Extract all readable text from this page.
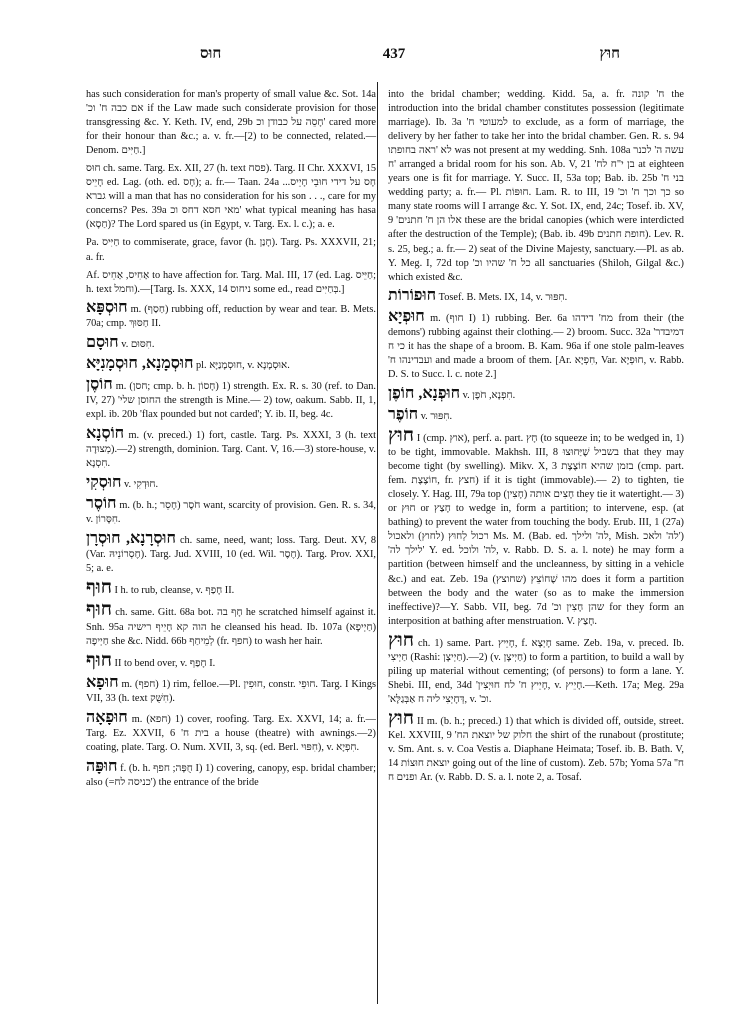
חוּס	437	חוּץ
has such consideration for man's property of small value &c. Sot. 14a 'אם כבה ח' וכ if the Law made such considerate provision for those transgressing &c. Y. Keth. IV, end, 29b חָסֵה על כבודן וכ' cared more for their honour than &c.; a. v. fr.—[2) to be connected, related.—Denom. חַיִּים.]
חוּס ch. same. Targ. Ex. XII, 27 (h. text פסח). Targ. II Chr. XXXVI, 15 חָיֵיס ed. Lag. (oth. ed. חָס); a. fr.— Taan. 24a ...חָס על דידי חוּבֵי חָיֵיס גברא will a man that has no consideration for his son . . ., care for my concerns? Pes. 39a מאי חסא דחס וכ' what typical meaning has hasa (חַסָא)? The Lord spared us (in Egypt, v. Targ. Ex. l. c.); a. e.
Pa. חַיִּיס to commiserate, grace, favor (h. חָנַן). Targ. Ps. XXXVII, 21; a. fr.
Af. אַחִיס, אַחֵיס to have affection for. Targ. Mal. III, 17 (ed. Lag. חַיֵּיס; h. text וחמל).—[Targ. Is. XXX, 14 ניחוס some ed., read בְּחַיִּים.]
חוּסְפָּא m. (חַסַף) rubbing off, reduction by wear and tear. B. Mets. 70a; cmp. חַסּוּךְ II.
חוּסָם v. חִסּוּם.
חוּסְמָנָא, חוּסְמָנִיָּא pl. חוּסְמָנַיָּא, v. אוּסְמָנָא.
חוֹסֶן m. (חסן; cmp. b. h. חָסוֹן) 1) strength. Ex. R. s. 30 (ref. to Dan. IV, 27) 'החוסן שלי the strength is Mine.— 2) tow, oakum. Sabb. II, 1, expl. ib. 20b 'flax pounded but not carded'; Y. ib. II, beg. 4c.
חוֹסְנָא m. (v. preced.) 1) fort, castle. Targ. Ps. XXXI, 3 (h. text מְצוּדָה).—2) strength, dominion. Targ. Cant. V, 16.—3) store-house, v. חִסְנָא.
חוּסְקִי v. חוּדְקִי.
חוֹסֶר m. (b. h.; חָסֵר) חֹסֶר want, scarcity of provision. Gen. R. s. 34, v. חִסָּרוֹן.
חוּסְרָנָא, חוּסְרָן ch. same, need, want; loss. Targ. Deut. XV, 8 (Var. חֶסְרוֹנֵיהּ). Targ. Jud. XVIII, 10 (ed. Wil. חֶסֶר). Targ. Prov. XXI, 5; a. e.
חוּף I h. to rub, cleanse, v. חָפַף II.
חוּף ch. same. Gitt. 68a bot. חָף בה he scratched himself against it. Snh. 95a הוה קא חָיֵיף רישיה he cleansed his head. Ib. 107a (חַיְיפָא) חַיְיפָה she &c. Nidd. 66b לְמֵיחַף (fr. חפף) to wash her hair.
חוּף II to bend over, v. חָפַף I.
חוּפָא m. (חפף) 1) rim, felloe.—Pl. חוּפִין, constr. חוּפֵי. Targ. I Kings VII, 33 (h. text חִשֻּׁק).
חוּפָאָה m. (חפא) 1) cover, roofing. Targ. Ex. XXVI, 14; a. fr.—Targ. Ez. XXVII, 6 'בית ח a house (theatre) with awnings.—2) coating, plate. Targ. O. Num. XVII, 3, sq. (ed. Berl. חִפּוּי), v. חִפְיָא.
חוּפָּה f. (b. h. חֻפָּה; חפף I) 1) covering, canopy, esp. bridal chamber; also (=כניסה לח') the entrance of the bride
into the bridal chamber; wedding. Kidd. 5a, a. fr. ח' קונה the introduction into the bridal chamber constitutes possession (legitimate marriage). Ib. 3a 'למעוטי ח to exclude, as a form of marriage, the delivery by her father to take her into the bridal chamber. Gen. R. s. 94 לא 'ראה בחופתו was not present at my wedding. Snh. 108a עשה ה' לכנר ח' arranged a bridal room for his son. Ab. V, 21 'בן י"ח לח at eighteen years one is fit for marriage. Y. Succ. II, 53a top; Bab. ib. 25b 'בני ח wedding party; a. fr.— Pl. חוּפּוֹת. Lam. R. to III, 19 'כך וכך ח' וכ so many state rooms will I arrange &c. Y. Sot. IX, end, 24c; Tosef. ib. XV, 9 'אלו הן ח' חתנים these are the bridal canopies (which were interdicted after the destruction of the Temple); (Bab. ib. 49b חופת חתנים). Lev. R. s. 25, beg.; a. fr.— 2) seat of the Divine Majesty, sanctuary.—Pl. as ab. Y. Meg. I, 72d top 'כל ח' שהיו וכ all sanctuaries (Shiloh, Gilgal &c.) which existed &c.
חוּפוֹרוֹת Tosef. B. Mets. IX, 14, v. חִפּוּר.
חוּפְיָא m. (חוף I) 1) rubbing. Ber. 6a מח' דידהו from their (the demons') rubbing against their clothing.— 2) broom. Succ. 32a 'דמיבדר כי ח it has the shape of a broom. B. Kam. 96a if one stole palm-leaves 'ועבדינהו ח and made a broom of them. [Ar. חִפְיָא, Var. חוּפְיָא, v. Rabb. D. S. to Succ. l. c. note 2.]
חוּפְנָא, חוֹפֶן v. חִפְנָא, חֹפֶן.
חוֹפֶר v. חִפּוּר.
חוּץ I (cmp. אוץ), perf. a. part. חָץ (to squeeze in; to be wedged in, 1) to be tight, immovable. Makhsh. III, 8 בשביל שֶׁיַּחוּצוּ that they may become tight (by swelling). Mikv. X, 3 בזמן שהיא חוֹצֶצֶת (cmp. part. fem. חוֹצֶצֶת, fr. חצץ) if it is tight (immovable).— 2) to tighten, tie closely. Y. Hag. III, 79a top (חָצִין) חָצִים אותה they tie it watertight.— 3) or חוּץ or חָצַץ to wedge in, form a partition; to intervene, esp. (at bathing) to prevent the water from touching the body. Erub. III, 1 (27a) רכול לְחוּץ (לחוץ) ולאכול Ms. M. (Bab. ed. לה' ולילך, Mish. לה' ולאכ') 'לילך לה' Y. ed. לה' ולוכל, v. Rabb. D. S. a. l. note) he may form a partition (between himself and the uncleanness, by sitting in a vehicle &c.) and eat. Zeb. 19a מהו שֶׁחוֹצֵץ (שחוצץ) does it form a partition between the body and the water (so as to make the immersion ineffective)?—Y. Sabb. VII, beg. 7d 'שהן חָצִין וכ for they form an interposition at bathing after menstruation. V. חָצַץ.
חוּץ ch. 1) same. Part. חָיֵיץ, f. חָיְצָא same. Zeb. 19a, v. preced. Ib. חַיְיצִי (Rashi: חַיְיצָן).—2) (v. חַיְיצָן) to form a partition, to build a wall by piling up material without cementing; (of persons) to form a lane. Y. Shebi. III, end, 34d 'חָיֵיץ ח' לח חוּיְצִין, v. חָיֵיץ.—Keth. 17a; Meg. 29a 'דְּחָיְצִי ליה ח אַבְּגַלָּא, v. 'וכ.
חוּץ II m. (b. h.; preced.) 1) that which is divided off, outside, street. Kel. XXVIII, 9 'חלוק של יוצאת הח the shirt of the runabout (prostitute; v. Sm. Ant. s. v. Coa Vestis a. Diaphane Heimata; Tosef. ib. B. Bath. V, 14 יוצאת חוּצוֹת going out of the line of custom). Zeb. 57b; Yoma 57a 'ח' ופנים ח Ar. (v. Rabb. D. S. a. l. note 2, a. Tosaf.
